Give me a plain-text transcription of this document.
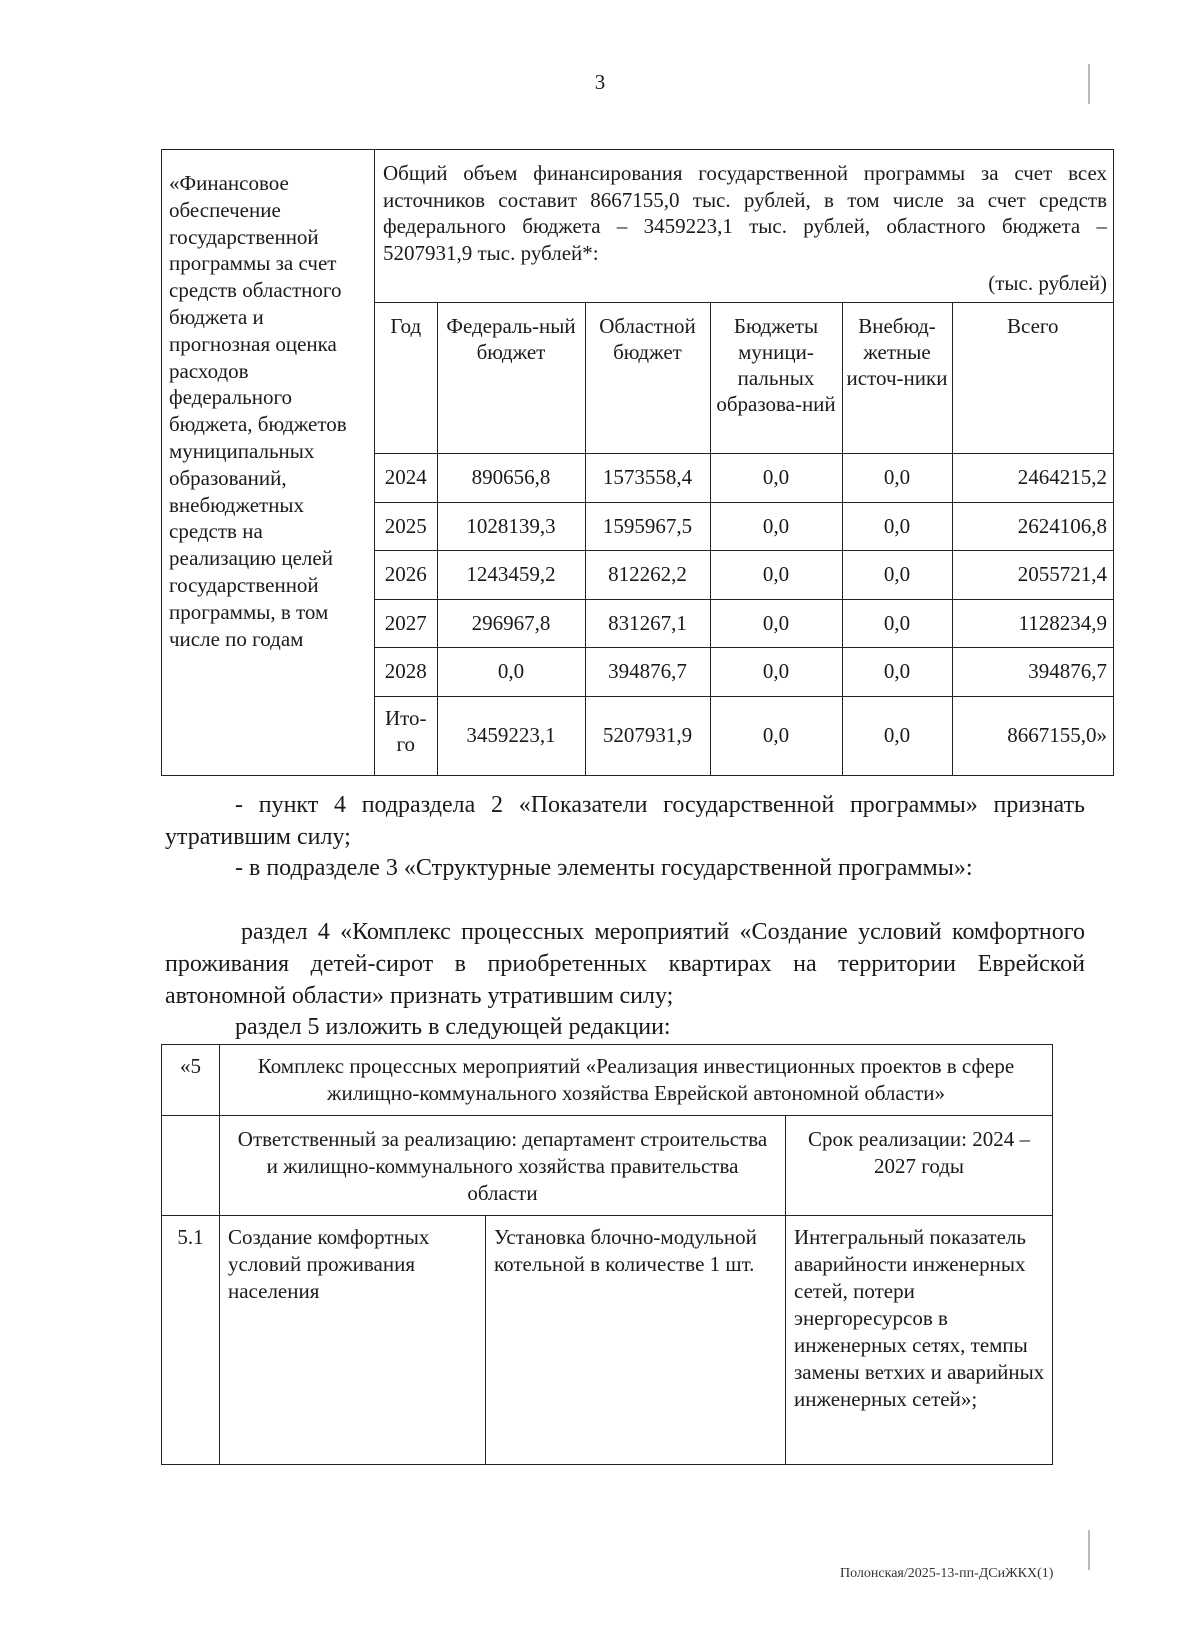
3
«Финансовое обеспечение государственной программы за счет средств областного бюджета и прогнозная оценка расходов федерального бюджета, бюджетов муниципальных образований, внебюджетных средств на реализацию целей государственной программы, в том числе по годам	
Общий объем финансирования государственной программы за счет всех источников составит 8667155,0 тыс. рублей, в том числе за счет средств федерального бюджета – 3459223,1 тыс. рублей, областного бюджета – 5207931,9 тыс. рублей*:
(тыс. рублей)
Год	Федераль-ный бюджет	Областной бюджет	Бюджеты муници-пальных образова-ний	Внебюд-жетные источ-ники	Всего
2024	890656,8	1573558,4	0,0	0,0	2464215,2
2025	1028139,3	1595967,5	0,0	0,0	2624106,8
2026	1243459,2	812262,2	0,0	0,0	2055721,4
2027	296967,8	831267,1	0,0	0,0	1128234,9
2028	0,0	394876,7	0,0	0,0	394876,7
Ито-го	3459223,1	5207931,9	0,0	0,0	8667155,0»
- пункт 4 подраздела 2 «Показатели государственной программы» признать утратившим силу;
- в подразделе 3 «Структурные элементы государственной программы»:
раздел 4 «Комплекс процессных мероприятий «Создание условий комфортного проживания детей-сирот в приобретенных квартирах на территории Еврейской автономной области» признать утратившим силу;
раздел 5 изложить в следующей редакции:
«5	Комплекс процессных мероприятий «Реализация инвестиционных проектов в сфере жилищно-коммунального хозяйства Еврейской автономной области»		
	Ответственный за реализацию: департамент строительства и жилищно-коммунального хозяйства правительства области		Срок реализации: 2024 – 2027 годы
5.1	Создание комфортных условий проживания населения	Установка блочно-модульной котельной в количестве 1 шт.	Интегральный показатель аварийности инженерных сетей, потери энергоресурсов в инженерных сетях, темпы замены ветхих и аварийных инженерных сетей»;
Полонская/2025-13-пп-ДСиЖКХ(1)
